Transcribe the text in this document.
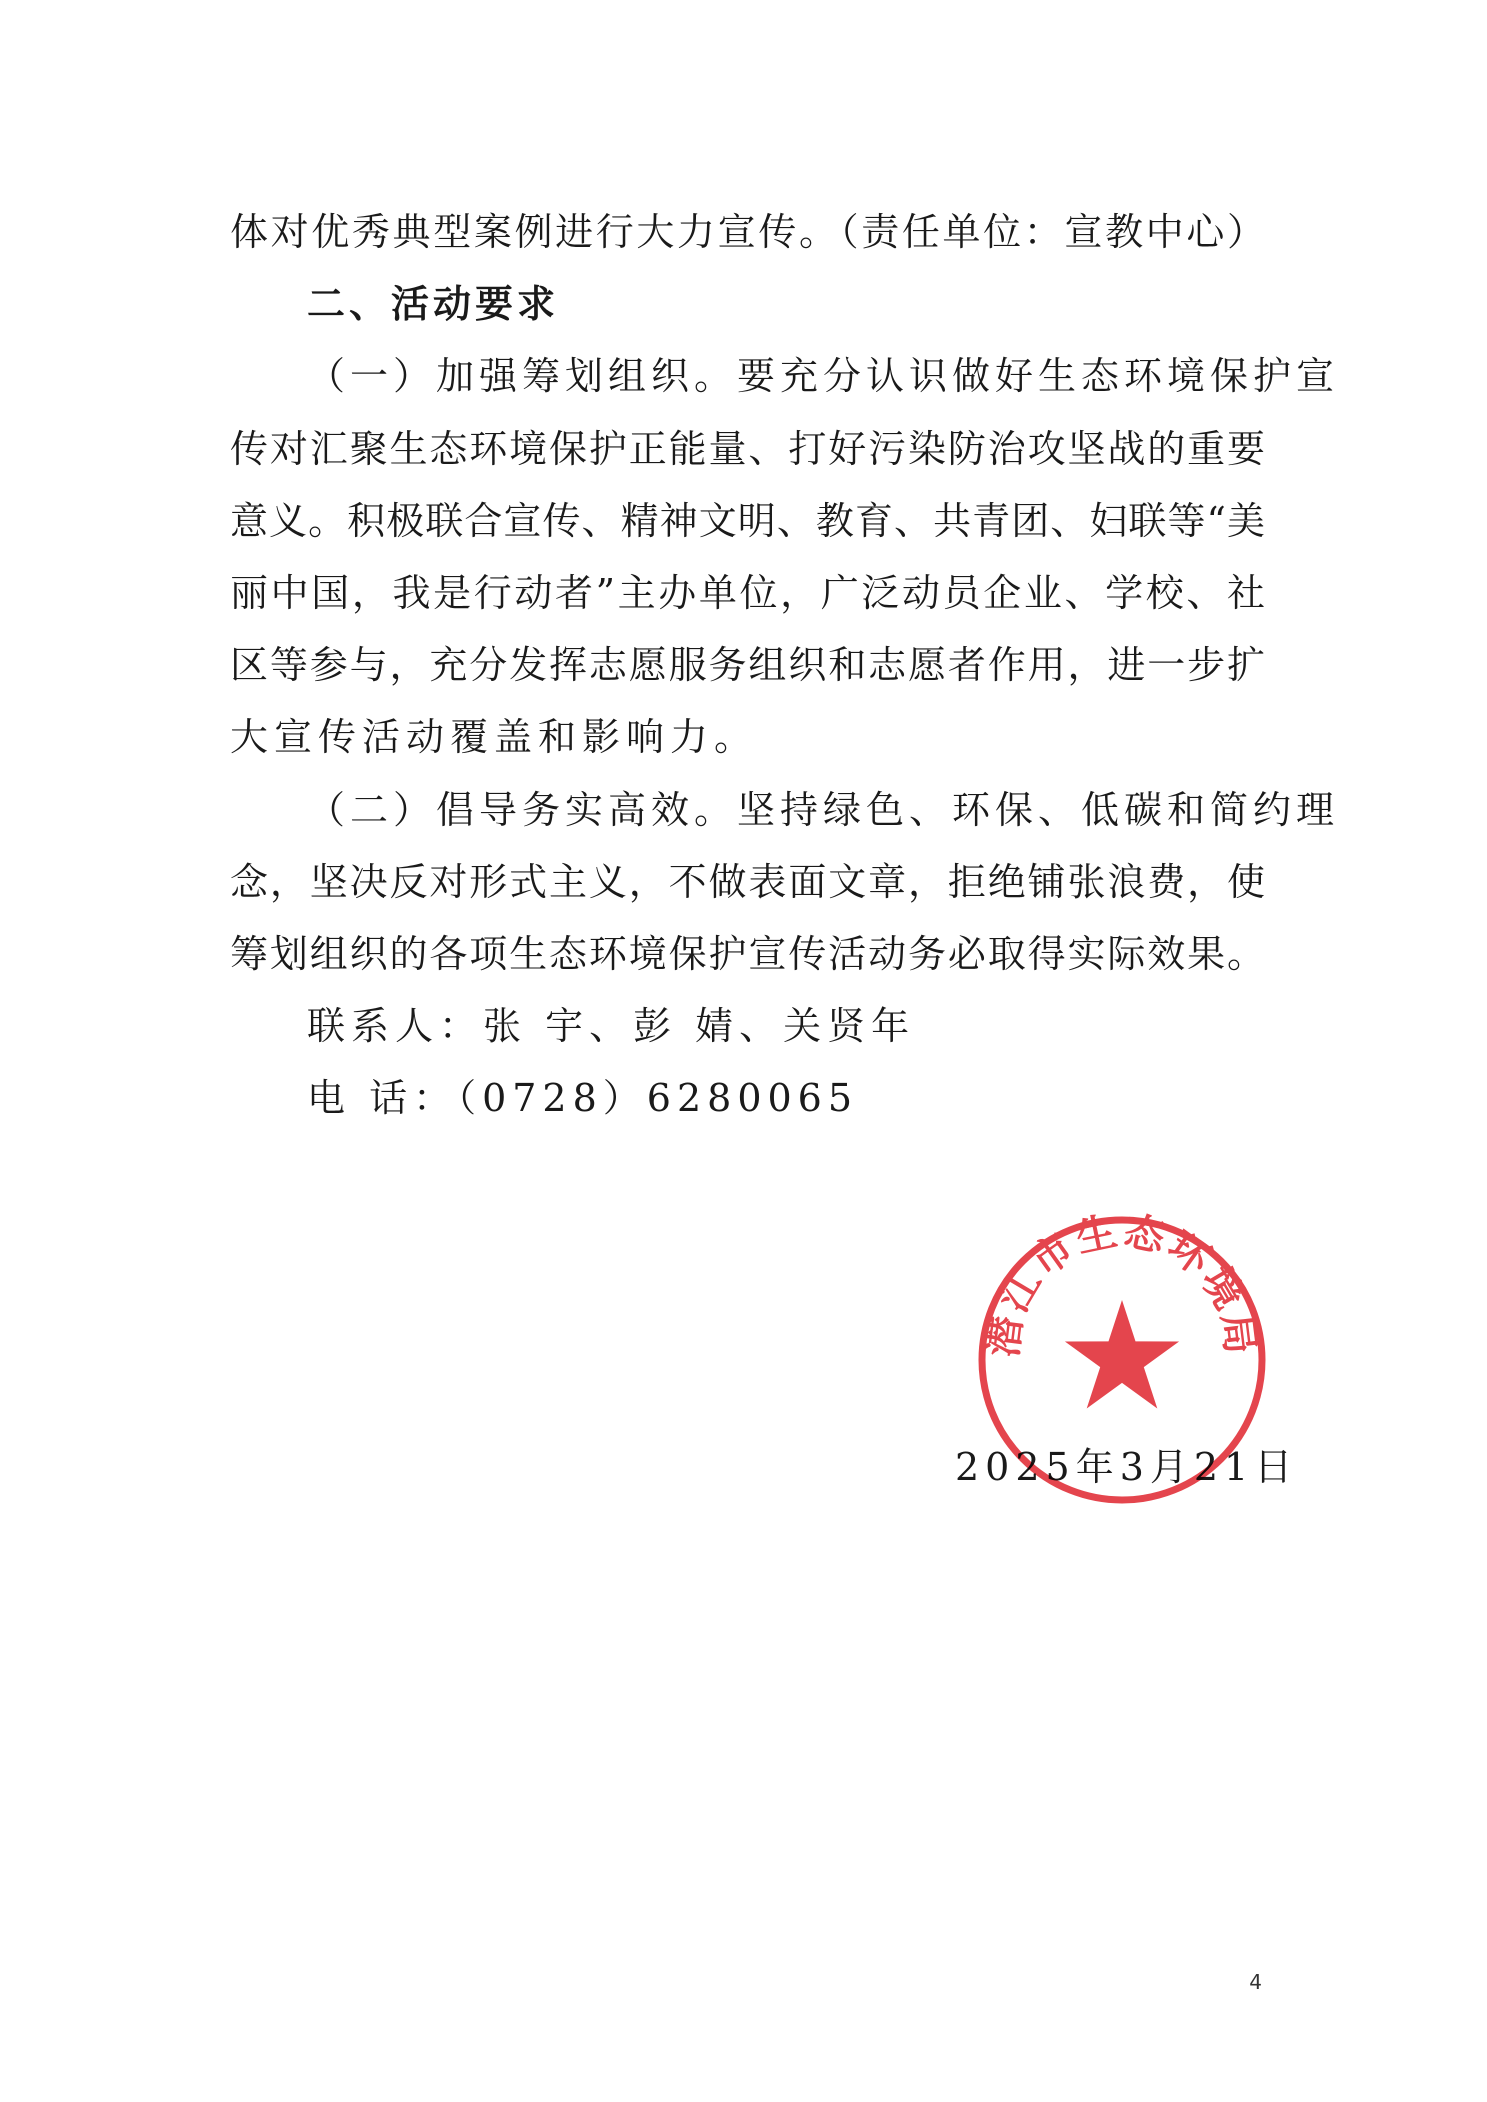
体对优秀典型案例进行大力宣传。（责任单位：宣教中心）
二、活动要求
（一）加强筹划组织。要充分认识做好生态环境保护宣
传对汇聚生态环境保护正能量、打好污染防治攻坚战的重要
意义。积极联合宣传、精神文明、教育、共青团、妇联等“美
丽中国，我是行动者”主办单位，广泛动员企业、学校、社
区等参与，充分发挥志愿服务组织和志愿者作用，进一步扩
大宣传活动覆盖和影响力。
（二）倡导务实高效。坚持绿色、环保、低碳和简约理
念，坚决反对形式主义，不做表面文章，拒绝铺张浪费，使
筹划组织的各项生态环境保护宣传活动务必取得实际效果。
联系人：张 宇、彭 婧、关贤年
电 话：（0728）6280065
2025年3月21日
潜江市生态环境局
4
